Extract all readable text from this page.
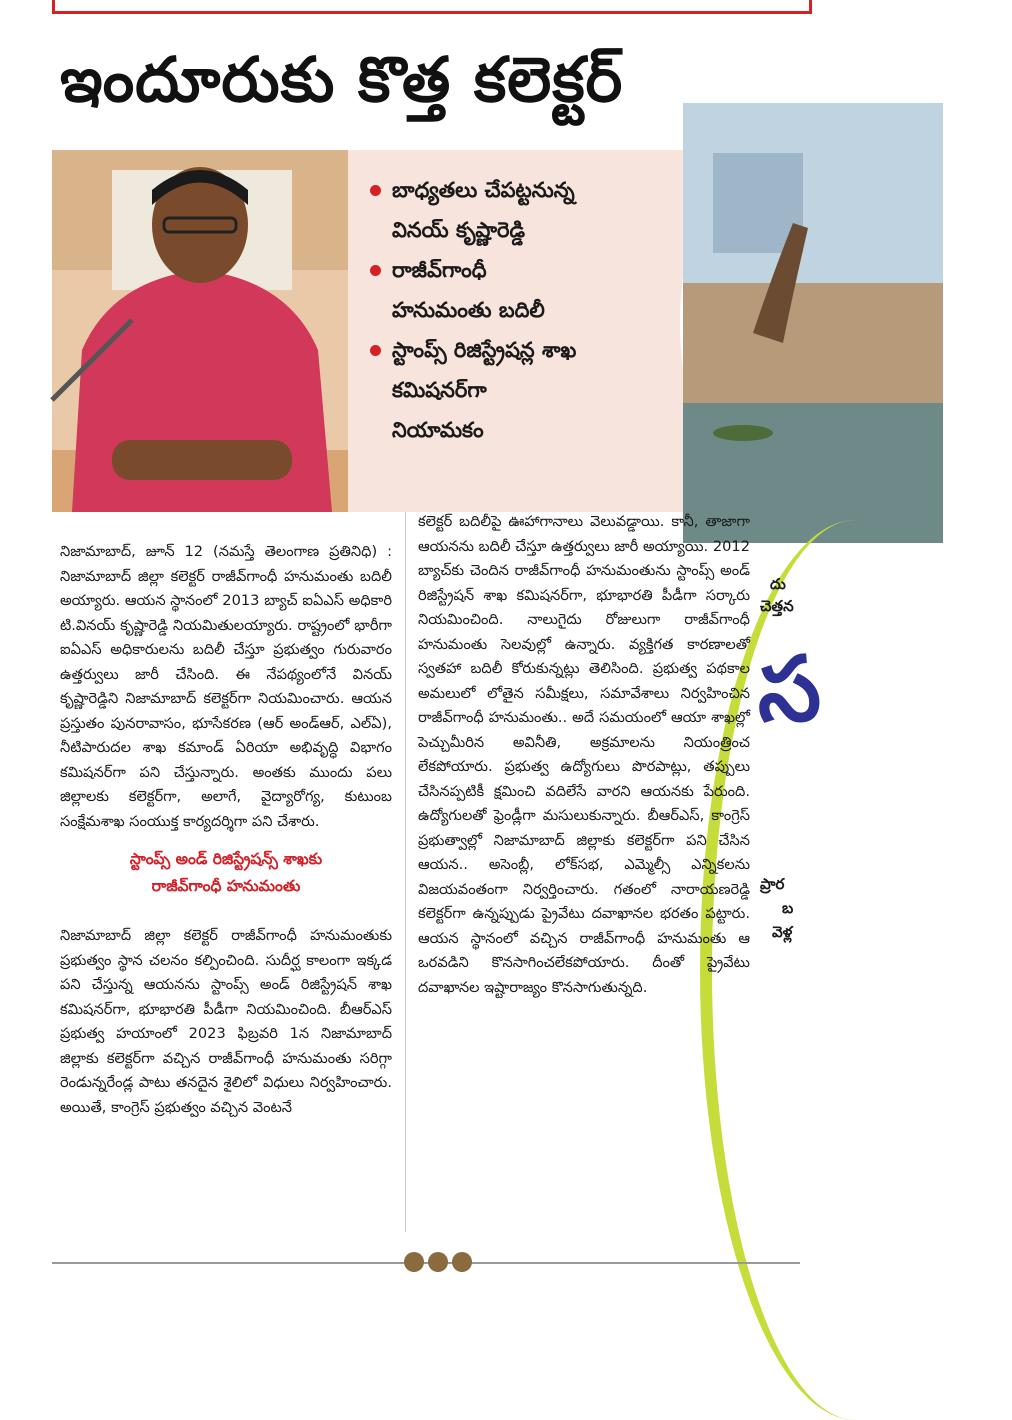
ఇందూరుకు కొత్త కలెక్టర్
బాధ్యతలు చేపట్టనున్న
వినయ్ కృష్ణారెడ్డి
రాజీవ్‌గాంధీ
హనుమంతు బదిలీ
స్టాంప్స్ రిజిస్ట్రేషన్ల శాఖ
కమిషనర్‌గా
నియామకం
దు
చెత్తన
స
ప్రార
బ
వెళ్ల

నిజామాబాద్, జూన్ 12 (నమస్తే తెలంగాణ ప్రతినిధి) : నిజామాబాద్ జిల్లా కలెక్టర్ రాజీవ్‌గాంధీ హనుమంతు బదిలీ అయ్యారు. ఆయన స్థానంలో 2013 బ్యాచ్ ఐఏఎస్ అధికారి టి.వినయ్ కృష్ణారెడ్డి నియమితులయ్యారు. రాష్ట్రంలో భారీగా ఐఏఎస్ అధికారులను బదిలీ చేస్తూ ప్రభుత్వం గురువారం ఉత్తర్వులు జారీ చేసింది. ఈ నేపథ్యంలోనే వినయ్ కృష్ణారెడ్డిని నిజామాబాద్ కలెక్టర్‌గా నియమించారు. ఆయన ప్రస్తుతం పునరావాసం, భూసేకరణ (ఆర్ అండ్‌ఆర్, ఎల్ఏ), నీటిపారుదల శాఖ కమాండ్ ఏరియా అభివృద్ధి విభాగం కమిషనర్‌గా పని చేస్తున్నారు. అంతకు ముందు పలు జిల్లాలకు కలెక్టర్‌గా, అలాగే, వైద్యారోగ్య, కుటుంబ సంక్షేమశాఖ సంయుక్త కార్యదర్శిగా పని చేశారు.

స్టాంప్స్ అండ్ రిజిస్ట్రేషన్స్ శాఖకు
రాజీవ్‌గాంధీ హనుమంతు

నిజామాబాద్ జిల్లా కలెక్టర్ రాజీవ్‌గాంధీ హనుమంతుకు ప్రభుత్వం స్థాన చలనం కల్పించింది. సుదీర్ఘ కాలంగా ఇక్కడ పని చేస్తున్న ఆయనను స్టాంప్స్ అండ్ రిజిస్ట్రేషన్ శాఖ కమిషనర్‌గా, భూభారతి పీడీగా నియమించింది. బీఆర్ఎస్ ప్రభుత్వ హయాంలో 2023 ఫిబ్రవరి 1న నిజామాబాద్ జిల్లాకు కలెక్టర్‌గా వచ్చిన రాజీవ్‌గాంధీ హనుమంతు సరిగ్గా రెండున్నరేండ్ల పాటు తనదైన శైలిలో విధులు నిర్వహించారు. అయితే, కాంగ్రెస్ ప్రభుత్వం వచ్చిన వెంటనే

కలెక్టర్ బదిలీపై ఊహాగానాలు వెలువడ్డాయి. కానీ, తాజాగా ఆయనను బదిలీ చేస్తూ ఉత్తర్వులు జారీ అయ్యాయి. 2012 బ్యాచ్‌కు చెందిన రాజీవ్‌గాంధీ హనుమంతును స్టాంప్స్ అండ్ రిజిస్ట్రేషన్ శాఖ కమిషనర్‌గా, భూభారతి పీడీగా సర్కారు నియమించింది. నాలుగైదు రోజులుగా రాజీవ్‌గాంధీ హనుమంతు సెలవుల్లో ఉన్నారు. వ్యక్తిగత కారణాలతో స్వతహా బదిలీ కోరుకున్నట్లు తెలిసింది. ప్రభుత్వ పథకాల అమలులో లోతైన సమీక్షలు, సమావేశాలు నిర్వహించిన రాజీవ్‌గాంధీ హనుమంతు.. అదే సమయంలో ఆయా శాఖల్లో పెచ్చుమీరిన అవినీతి, అక్రమాలను నియంత్రించ లేకపోయారు. ప్రభుత్వ ఉద్యోగులు పొరపాట్లు, తప్పులు చేసినప్పటికీ క్షమించి వదిలేసే వారని ఆయనకు పేరుంది. ఉద్యోగులతో ఫ్రెండ్లీగా మసులుకున్నారు. బీఆర్ఎస్, కాంగ్రెస్ ప్రభుత్వాల్లో నిజామాబాద్ జిల్లాకు కలెక్టర్‌గా పని చేసిన ఆయన.. అసెంబ్లీ, లోక్‌సభ, ఎమ్మెల్సీ ఎన్నికలను విజయవంతంగా నిర్వర్తించారు. గతంలో నారాయణరెడ్డి కలెక్టర్‌గా ఉన్నప్పుడు ప్రైవేటు దవాఖానల భరతం పట్టారు. ఆయన స్థానంలో వచ్చిన రాజీవ్‌గాంధీ హనుమంతు ఆ ఒరవడిని కొనసాగించలేకపోయారు. దీంతో ప్రైవేటు దవాఖానల ఇష్టారాజ్యం కొనసాగుతున్నది.
